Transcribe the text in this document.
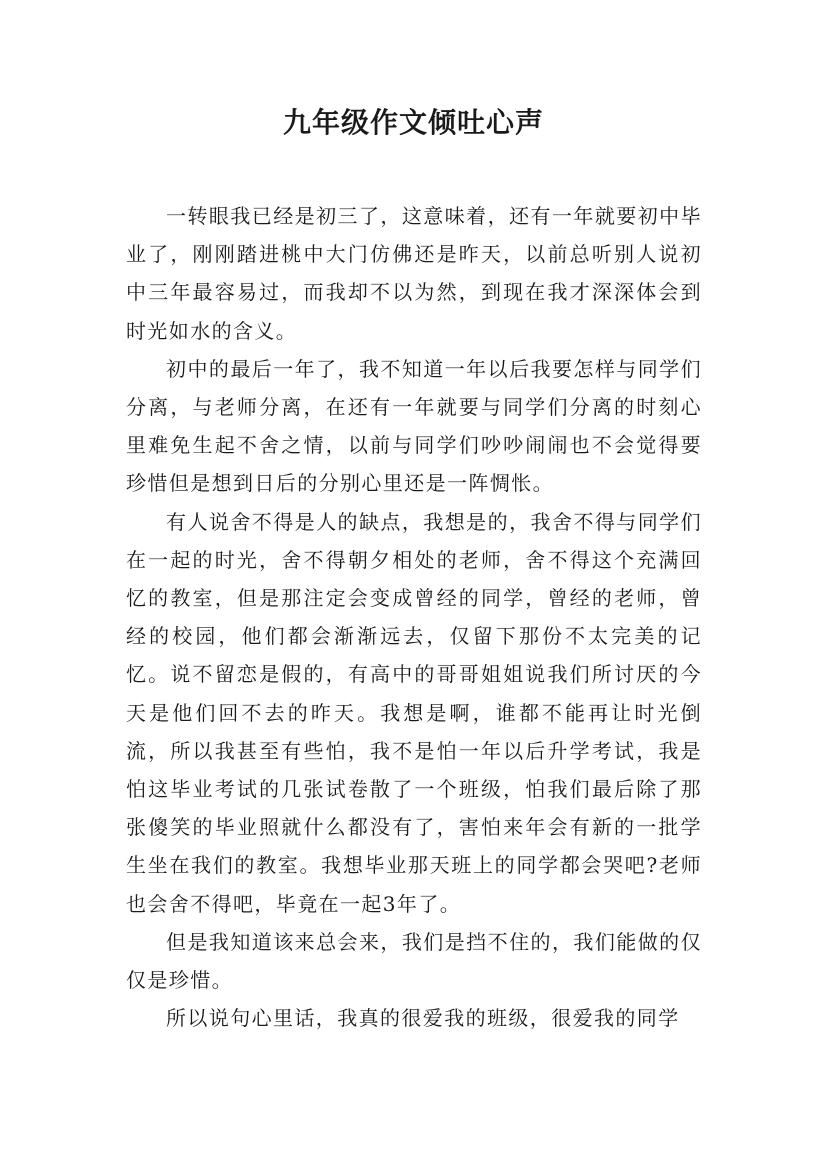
九年级作文倾吐心声

一转眼我已经是初三了，这意味着，还有一年就要初中毕业了，刚刚踏进桃中大门仿佛还是昨天，以前总听别人说初中三年最容易过，而我却不以为然，到现在我才深深体会到时光如水的含义。

初中的最后一年了，我不知道一年以后我要怎样与同学们分离，与老师分离，在还有一年就要与同学们分离的时刻心里难免生起不舍之情，以前与同学们吵吵闹闹也不会觉得要珍惜但是想到日后的分别心里还是一阵惆怅。

有人说舍不得是人的缺点，我想是的，我舍不得与同学们在一起的时光，舍不得朝夕相处的老师，舍不得这个充满回忆的教室，但是那注定会变成曾经的同学，曾经的老师，曾经的校园，他们都会渐渐远去，仅留下那份不太完美的记忆。说不留恋是假的，有高中的哥哥姐姐说我们所讨厌的今天是他们回不去的昨天。我想是啊，谁都不能再让时光倒流，所以我甚至有些怕，我不是怕一年以后升学考试，我是怕这毕业考试的几张试卷散了一个班级，怕我们最后除了那张傻笑的毕业照就什么都没有了，害怕来年会有新的一批学生坐在我们的教室。我想毕业那天班上的同学都会哭吧?老师也会舍不得吧，毕竟在一起3年了。

但是我知道该来总会来，我们是挡不住的，我们能做的仅仅是珍惜。

所以说句心里话，我真的很爱我的班级，很爱我的同学
